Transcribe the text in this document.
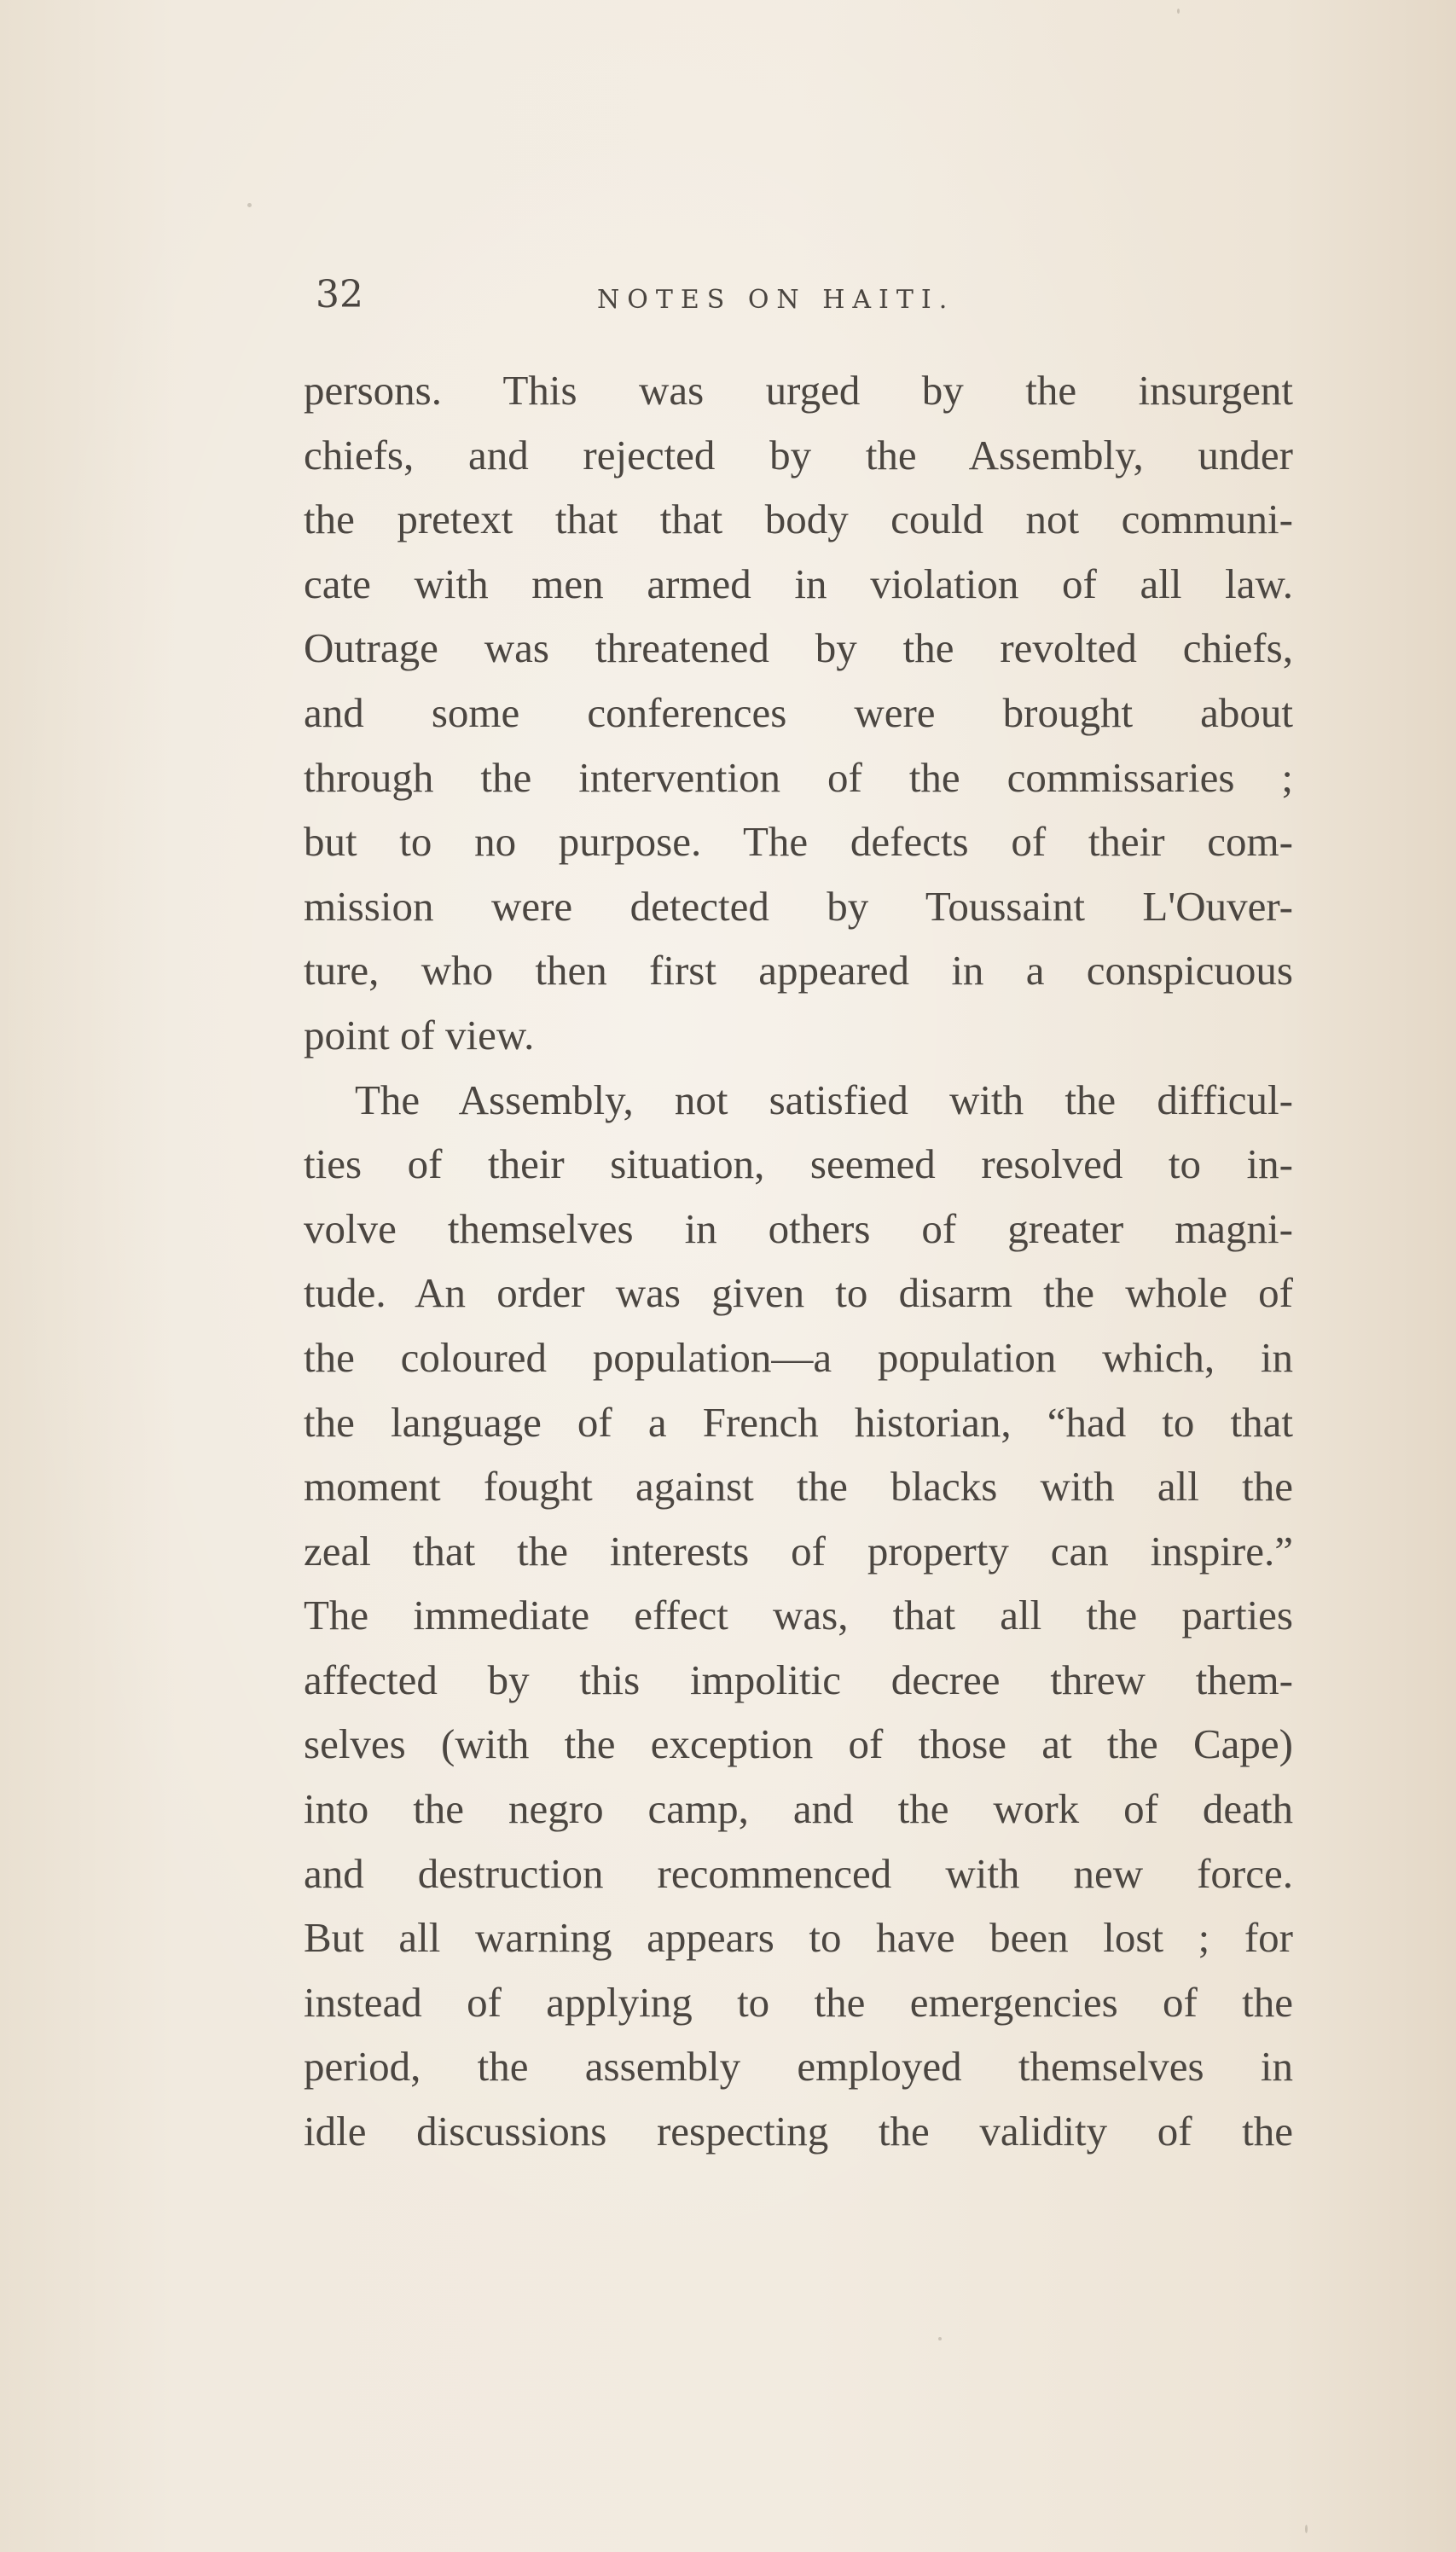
32	NOTES ON HAITI.
persons. This was urged by the insurgent
chiefs, and rejected by the Assembly, under
the pretext that that body could not communi-
cate with men armed in violation of all law.
Outrage was threatened by the revolted chiefs,
and some conferences were brought about
through the intervention of the commissaries ;
but to no purpose. The defects of their com-
mission were detected by Toussaint L'Ouver-
ture, who then first appeared in a conspicuous
point of view.
The Assembly, not satisfied with the difficul-
ties of their situation, seemed resolved to in-
volve themselves in others of greater magni-
tude. An order was given to disarm the whole of
the coloured population—a population which, in
the language of a French historian, “had to that
moment fought against the blacks with all the
zeal that the interests of property can inspire.”
The immediate effect was, that all the parties
affected by this impolitic decree threw them-
selves (with the exception of those at the Cape)
into the negro camp, and the work of death
and destruction recommenced with new force.
But all warning appears to have been lost ; for
instead of applying to the emergencies of the
period, the assembly employed themselves in
idle discussions respecting the validity of the
